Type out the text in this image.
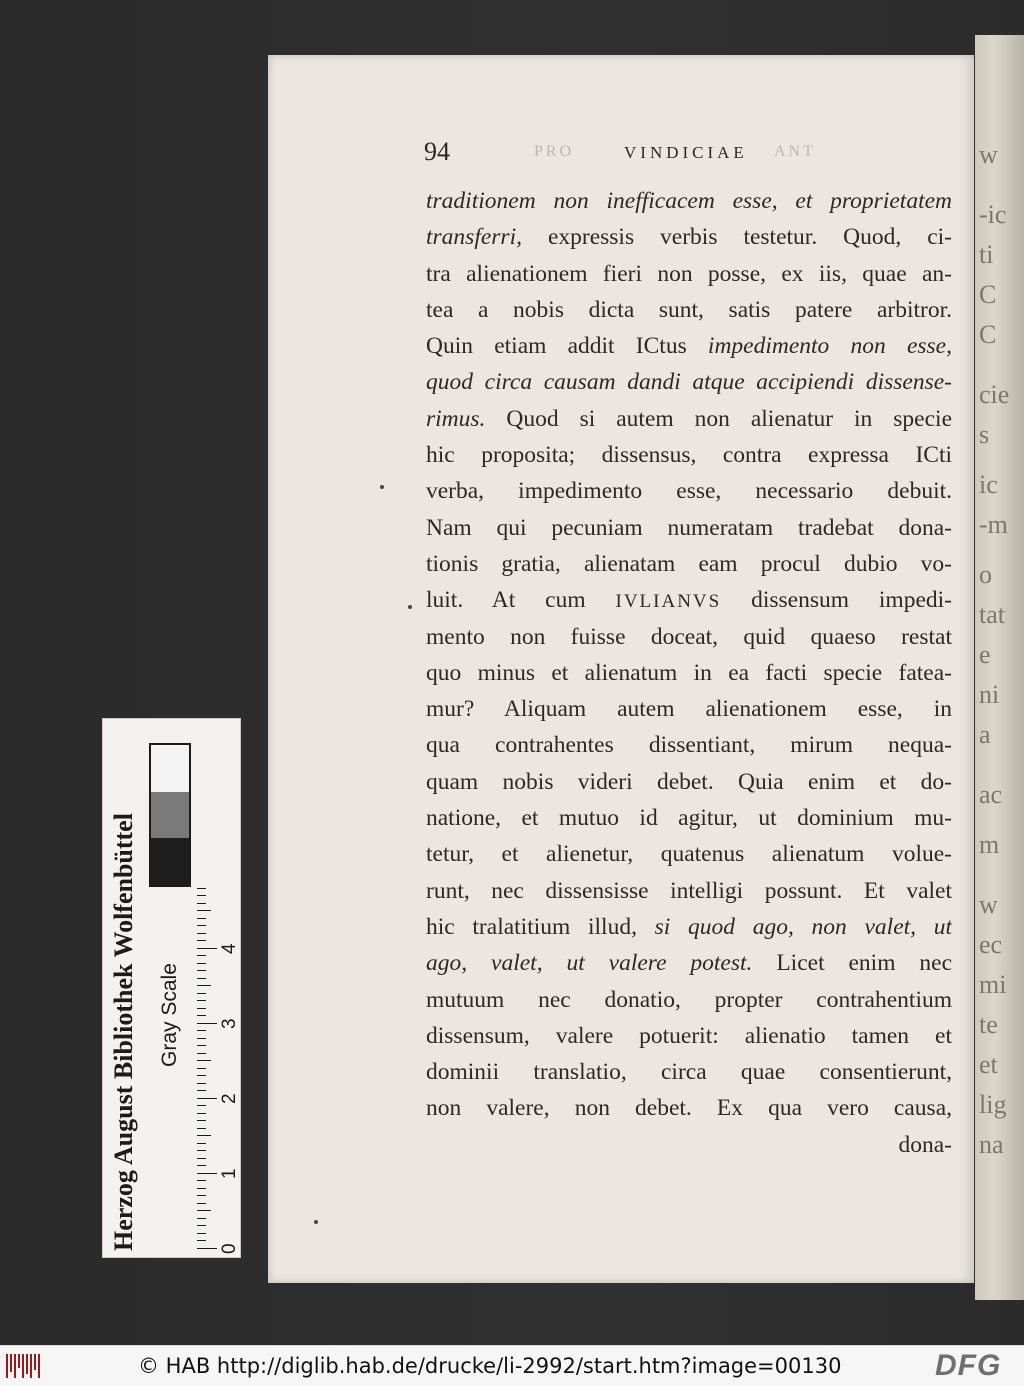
w
-ic
ti
C
C
cie
s
ic
-m
o
tat
e
ni
a
ac
m
w
ec
mi
te
et
lig
na
94	PRO	VINDICIAE ANT
traditionem non inefficacem esse, et proprietatem
transferri, expressis verbis testetur. Quod, ci-
tra alienationem fieri non posse, ex iis, quae an-
tea a nobis dicta sunt, satis patere arbitror.
Quin etiam addit ICtus impedimento non esse,
quod circa causam dandi atque accipiendi dissense-
rimus. Quod si autem non alienatur in specie
hic proposita; dissensus, contra expressa ICti
verba, impedimento esse, necessario debuit.
Nam qui pecuniam numeratam tradebat dona-
tionis gratia, alienatam eam procul dubio vo-
luit. At cum IVLIANVS dissensum impedi-
mento non fuisse doceat, quid quaeso restat
quo minus et alienatum in ea facti specie fatea-
mur? Aliquam autem alienationem esse, in
qua contrahentes dissentiant, mirum nequa-
quam nobis videri debet. Quia enim et do-
natione, et mutuo id agitur, ut dominium mu-
tetur, et alienetur, quatenus alienatum volue-
runt, nec dissensisse intelligi possunt. Et valet
hic tralatitium illud, si quod ago, non valet, ut
ago, valet, ut valere potest. Licet enim nec
mutuum nec donatio, propter contrahentium
dissensum, valere potuerit: alienatio tamen et
dominii translatio, circa quae consentierunt,
non valere, non debet. Ex qua vero causa,
dona-
Herzog August Bibliothek Wolfenbüttel Gray Scale
0
1
2
3
4
© HAB http://diglib.hab.de/drucke/li-2992/start.htm?image=00130	DFG
